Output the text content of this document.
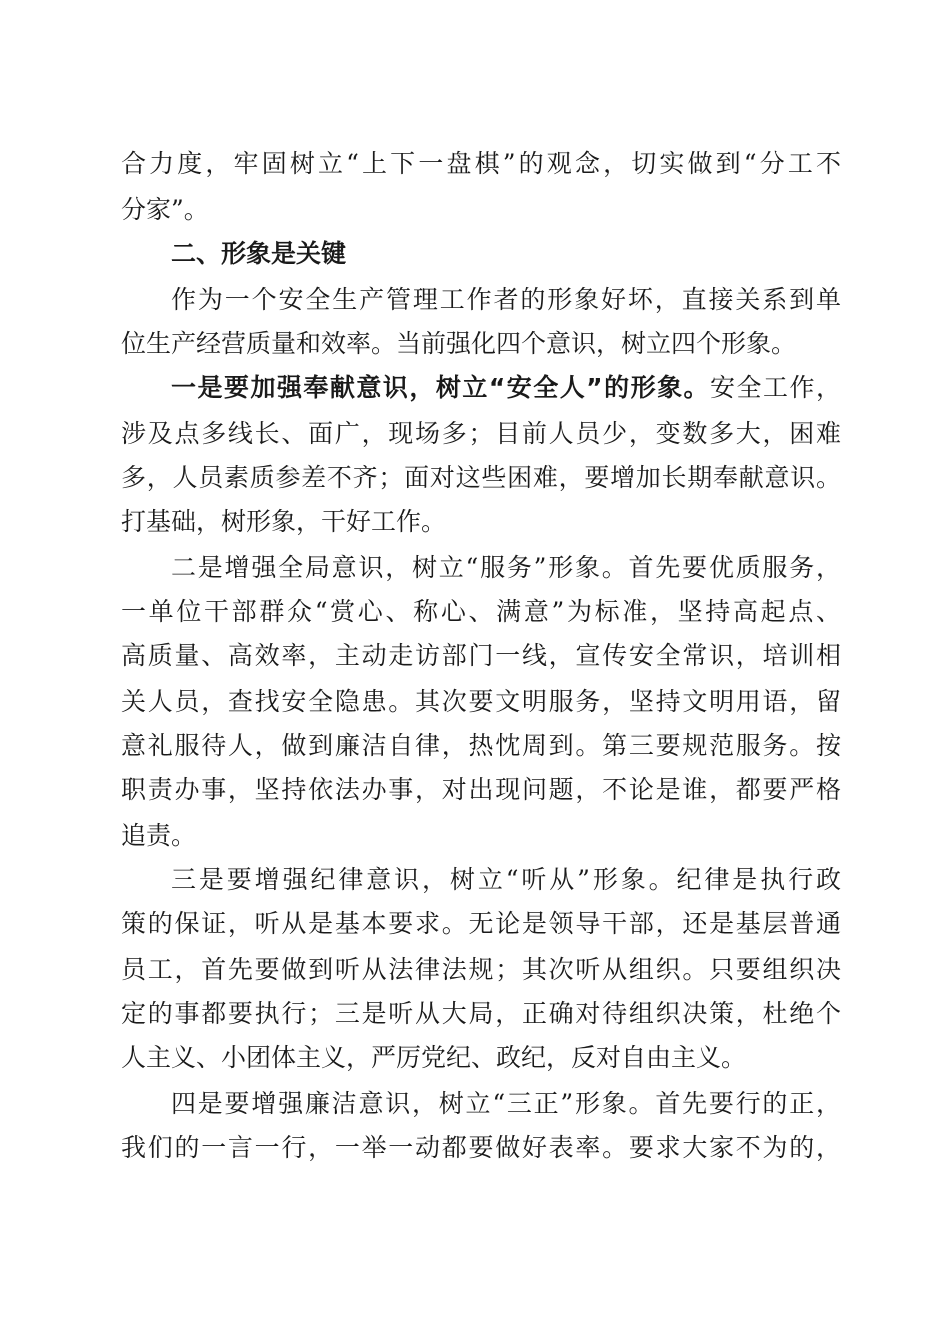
合力度，牢固树立“上下一盘棋”的观念，切实做到“分工不
分家”。
二、形象是关键
作为一个安全生产管理工作者的形象好坏，直接关系到单
位生产经营质量和效率。当前强化四个意识，树立四个形象。
一是要加强奉献意识，树立“安全人”的形象。安全工作，
涉及点多线长、面广，现场多；目前人员少，变数多大，困难
多，人员素质参差不齐；面对这些困难，要增加长期奉献意识。
打基础，树形象，干好工作。
二是增强全局意识，树立“服务”形象。首先要优质服务，
一单位干部群众“赏心、称心、满意”为标准，坚持高起点、
高质量、高效率，主动走访部门一线，宣传安全常识，培训相
关人员，查找安全隐患。其次要文明服务，坚持文明用语，留
意礼服待人，做到廉洁自律，热忱周到。第三要规范服务。按
职责办事，坚持依法办事，对出现问题，不论是谁，都要严格
追责。
三是要增强纪律意识，树立“听从”形象。纪律是执行政
策的保证，听从是基本要求。无论是领导干部，还是基层普通
员工，首先要做到听从法律法规；其次听从组织。只要组织决
定的事都要执行；三是听从大局，正确对待组织决策，杜绝个
人主义、小团体主义，严厉党纪、政纪，反对自由主义。
四是要增强廉洁意识，树立“三正”形象。首先要行的正，
我们的一言一行，一举一动都要做好表率。要求大家不为的，
